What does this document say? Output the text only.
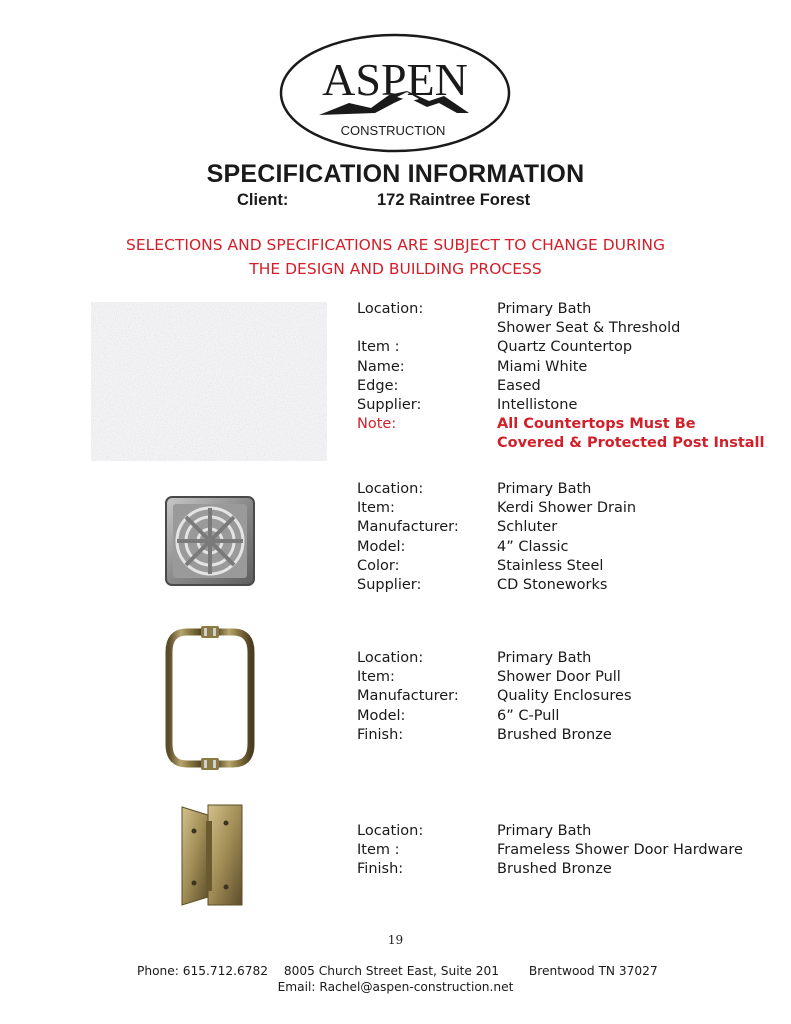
ASPEN
CONSTRUCTION
SPECIFICATION INFORMATION
Client:	172 Raintree Forest
SELECTIONS AND SPECIFICATIONS ARE SUBJECT TO CHANGE DURING
THE DESIGN AND BUILDING PROCESS
Location:	Primary Bath
Shower Seat & Threshold
Item :	Quartz Countertop
Name:	Miami White
Edge:	Eased
Supplier:	Intellistone
Note:	All Countertops Must Be
Covered & Protected Post Install
Location:	Primary Bath
Item:	Kerdi Shower Drain
Manufacturer:	Schluter
Model:	4” Classic
Color:	Stainless Steel
Supplier:	CD Stoneworks
Location:	Primary Bath
Item:	Shower Door Pull
Manufacturer:	Quality Enclosures
Model:	6” C-Pull
Finish:	Brushed Bronze
Location:	Primary Bath
Item :	Frameless Shower Door Hardware
Finish:	Brushed Bronze
19
Phone: 615.712.6782 8005 Church Street East, Suite 201 Brentwood TN 37027
Email: Rachel@aspen-construction.net
